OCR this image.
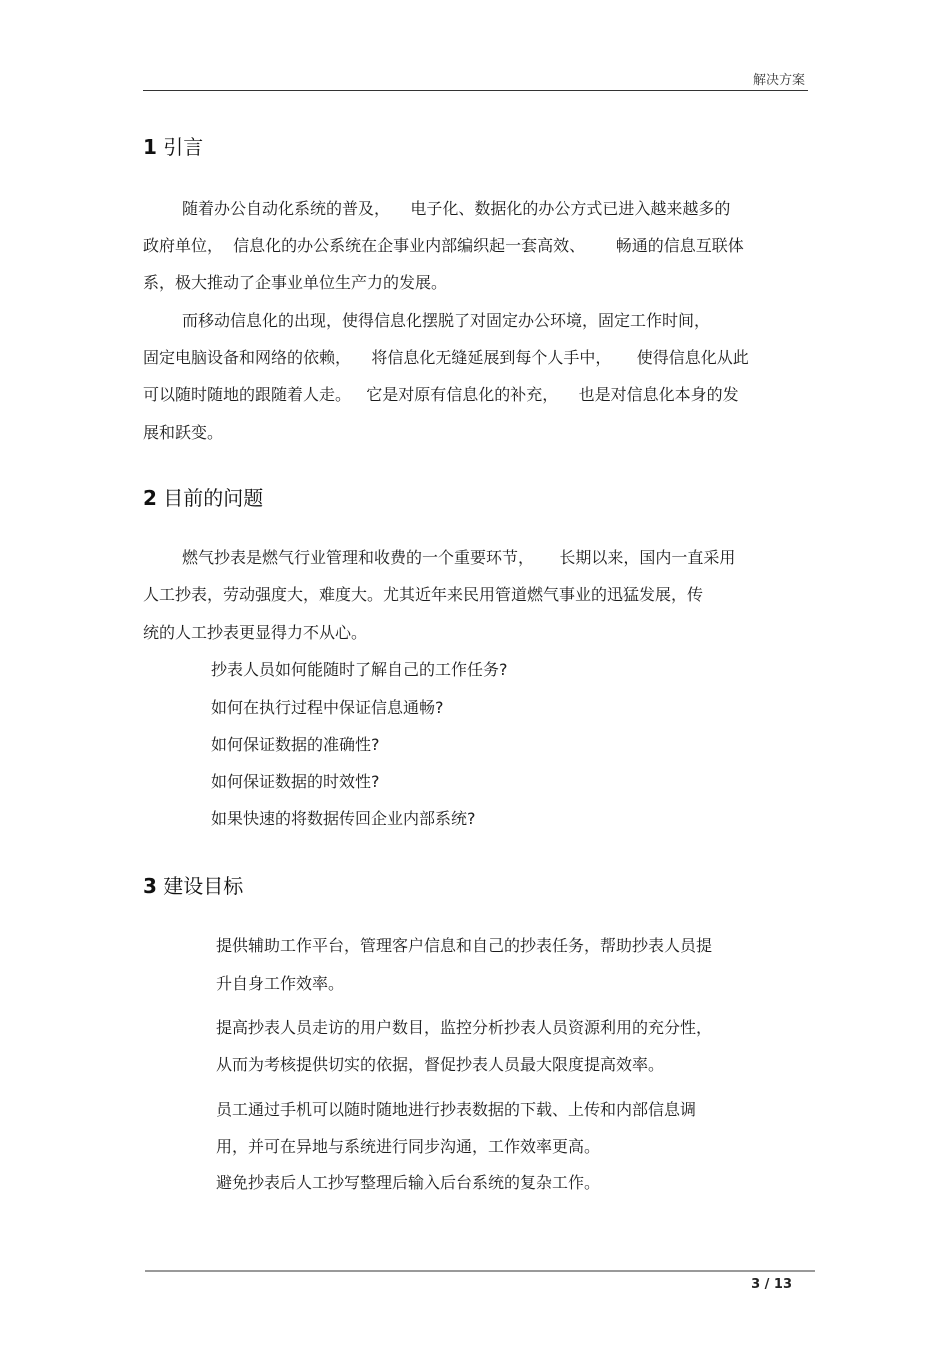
解决方案
1 引言
随着办公自动化系统的普及，    电子化、数据化的办公方式已进入越来越多的
政府单位，  信息化的办公系统在企事业内部编织起一套高效、      畅通的信息互联体
系，极大推动了企事业单位生产力的发展。
而移动信息化的出现，使得信息化摆脱了对固定办公环境，固定工作时间，
固定电脑设备和网络的依赖，    将信息化无缝延展到每个人手中，     使得信息化从此
可以随时随地的跟随着人走。   它是对原有信息化的补充，    也是对信息化本身的发
展和跃变。
2 目前的问题
燃气抄表是燃气行业管理和收费的一个重要环节，     长期以来，国内一直采用
人工抄表，劳动强度大，难度大。尤其近年来民用管道燃气事业的迅猛发展，传
统的人工抄表更显得力不从心。
抄表人员如何能随时了解自己的工作任务?
如何在执行过程中保证信息通畅?
如何保证数据的准确性?
如何保证数据的时效性?
如果快速的将数据传回企业内部系统?
3 建设目标
提供辅助工作平台，管理客户信息和自己的抄表任务，帮助抄表人员提
升自身工作效率。
提高抄表人员走访的用户数目，监控分析抄表人员资源利用的充分性，
从而为考核提供切实的依据，督促抄表人员最大限度提高效率。
员工通过手机可以随时随地进行抄表数据的下载、上传和内部信息调
用，并可在异地与系统进行同步沟通，工作效率更高。
避免抄表后人工抄写整理后输入后台系统的复杂工作。
3 / 13
